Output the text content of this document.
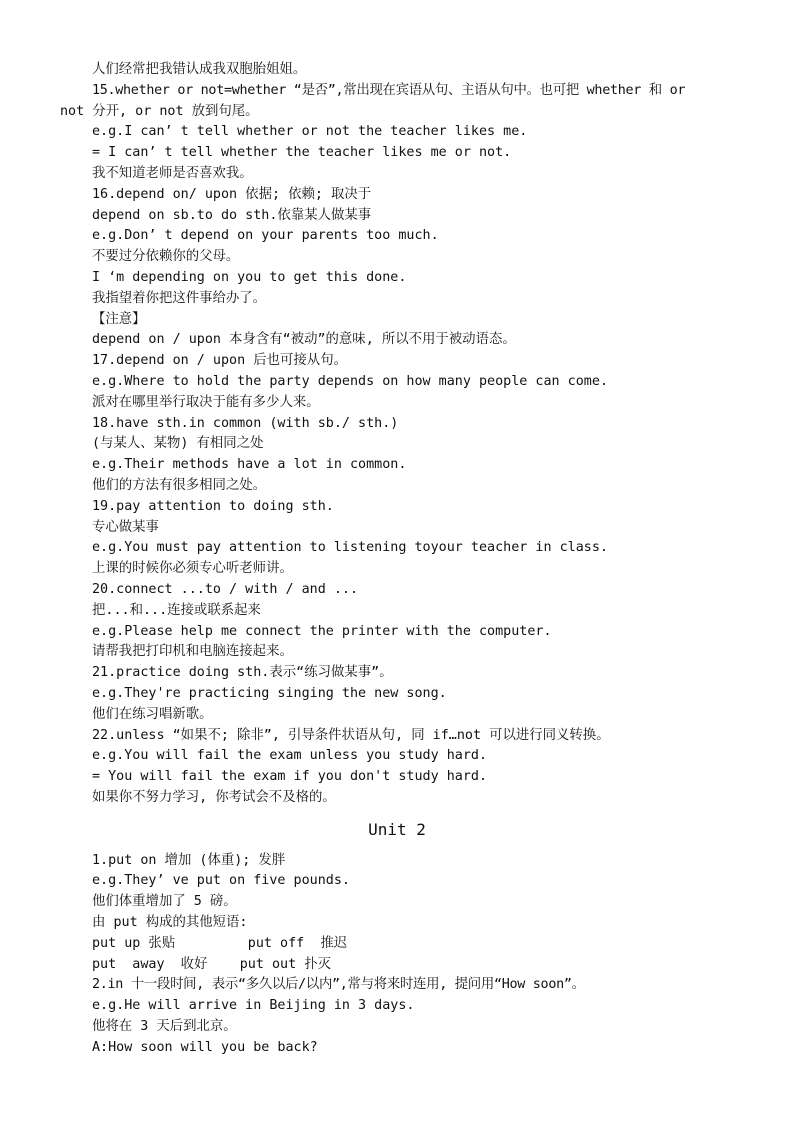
人们经常把我错认成我双胞胎姐姐。
15.whether or not=whether “是否”,常出现在宾语从句、主语从句中。也可把 whether 和 or
not 分开, or not 放到句尾。
e.g.I can’ t tell whether or not the teacher likes me.
= I can’ t tell whether the teacher likes me or not.
我不知道老师是否喜欢我。
16.depend on/ upon 依据; 依赖; 取决于
depend on sb.to do sth.依靠某人做某事
e.g.Don’ t depend on your parents too much.
不要过分依赖你的父母。
I ‘m depending on you to get this done.
我指望着你把这件事给办了。
【注意】
depend on / upon 本身含有“被动”的意味, 所以不用于被动语态。
17.depend on / upon 后也可接从句。
e.g.Where to hold the party depends on how many people can come.
派对在哪里举行取决于能有多少人来。
18.have sth.in common (with sb./ sth.)
(与某人、某物) 有相同之处
e.g.Their methods have a lot in common.
他们的方法有很多相同之处。
19.pay attention to doing sth.
专心做某事
e.g.You must pay attention to listening toyour teacher in class.
上课的时候你必须专心听老师讲。
20.connect ...to / with / and ...
把...和...连接或联系起来
e.g.Please help me connect the printer with the computer.
请帮我把打印机和电脑连接起来。
21.practice doing sth.表示“练习做某事”。
e.g.They're practicing singing the new song.
他们在练习唱新歌。
22.unless “如果不; 除非”, 引导条件状语从句, 同 if…not 可以进行同义转换。
e.g.You will fail the exam unless you study hard.
= You will fail the exam if you don't study hard.
如果你不努力学习, 你考试会不及格的。
Unit 2
1.put on 增加 (体重); 发胖
e.g.They’ ve put on five pounds.
他们体重增加了 5 磅。
由 put 构成的其他短语:
put up 张贴         put off  推迟
put  away  收好    put out 扑灭
2.in 十一段时间, 表示“多久以后/以内”,常与将来时连用, 提问用“How soon”。
e.g.He will arrive in Beijing in 3 days.
他将在 3 天后到北京。
A:How soon will you be back?
